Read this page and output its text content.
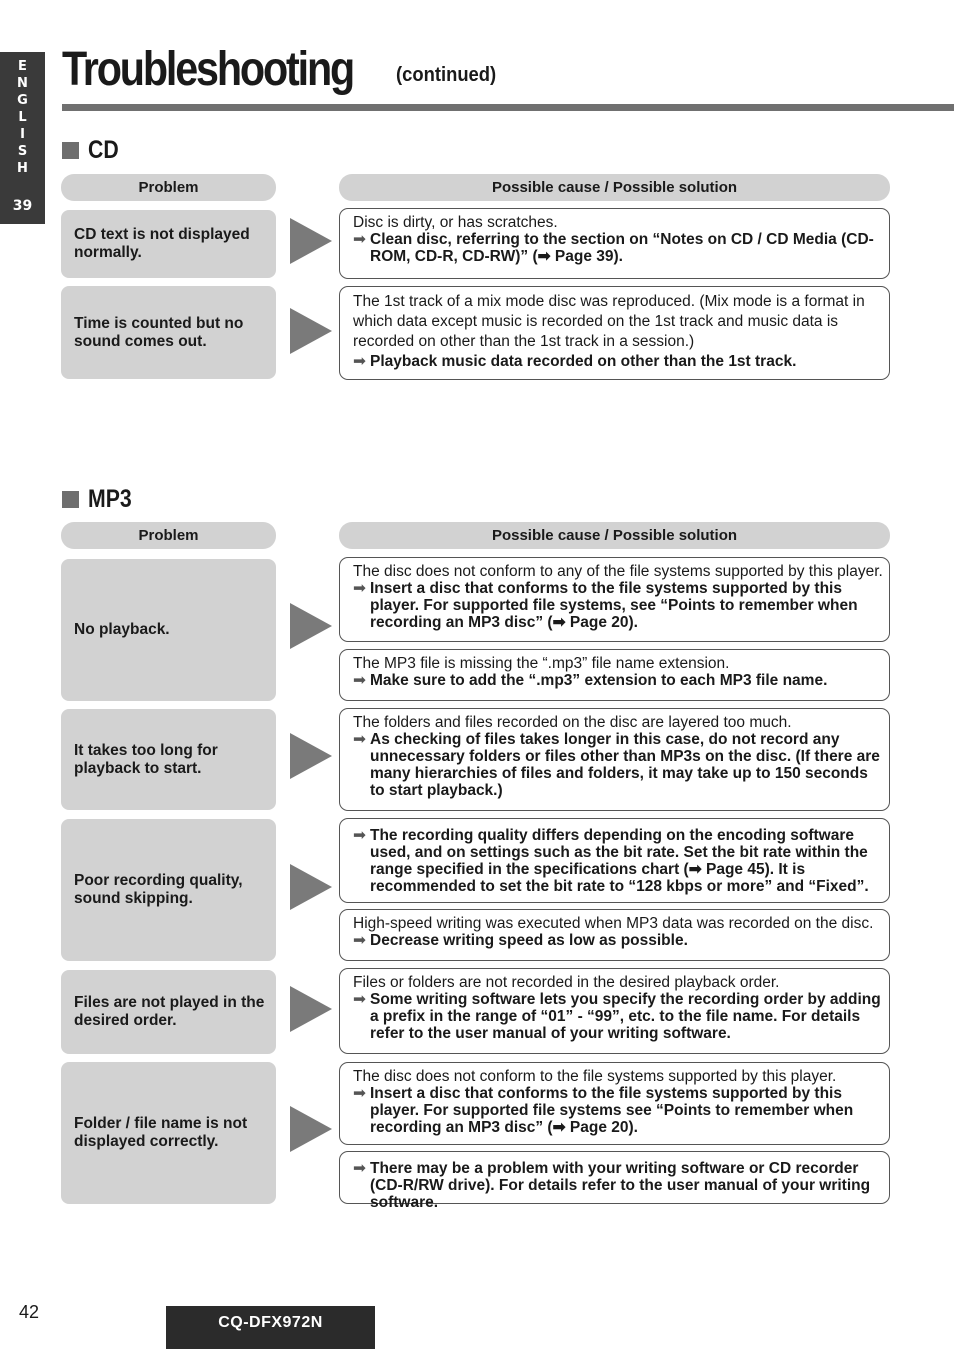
E
N
G
L
I
S
H
39
Troubleshooting (continued)
CD
Problem	Possible cause / Possible solution
CD text is not displayed normally.
Disc is dirty, or has scratches.
➡ Clean disc, referring to the section on “Notes on CD / CD Media (CD-ROM, CD-R, CD-RW)” (➡ Page 39).
Time is counted but no sound comes out.
The 1st track of a mix mode disc was reproduced. (Mix mode is a format in which data except music is recorded on the 1st track and music data is recorded on other than the 1st track in a session.)
➡ Playback music data recorded on other than the 1st track.
MP3
Problem	Possible cause / Possible solution
No playback.
The disc does not conform to any of the file systems supported by this player.
➡ Insert a disc that conforms to the file systems supported by this player. For supported file systems, see “Points to remember when recording an MP3 disc” (➡ Page 20).
The MP3 file is missing the “.mp3” file name extension.
➡ Make sure to add the “.mp3” extension to each MP3 file name.
It takes too long for playback to start.
The folders and files recorded on the disc are layered too much.
➡ As checking of files takes longer in this case, do not record any unnecessary folders or files other than MP3s on the disc. (If there are many hierarchies of files and folders, it may take up to 150 seconds to start playback.)
Poor recording quality, sound skipping.
➡ The recording quality differs depending on the encoding software used, and on settings such as the bit rate. Set the bit rate within the range specified in the specifications chart (➡ Page 45). It is recommended to set the bit rate to “128 kbps or more” and “Fixed”.
High-speed writing was executed when MP3 data was recorded on the disc.
➡ Decrease writing speed as low as possible.
Files are not played in the desired order.
Files or folders are not recorded in the desired playback order.
➡ Some writing software lets you specify the recording order by adding a prefix in the range of “01” - “99”, etc. to the file name. For details refer to the user manual of your writing software.
Folder / file name is not displayed correctly.
The disc does not conform to the file systems supported by this player.
➡ Insert a disc that conforms to the file systems supported by this player. For supported file systems see “Points to remember when recording an MP3 disc” (➡ Page 20).
➡ There may be a problem with your writing software or CD recorder (CD-R/RW drive). For details refer to the user manual of your writing software.
42
CQ-DFX972N
